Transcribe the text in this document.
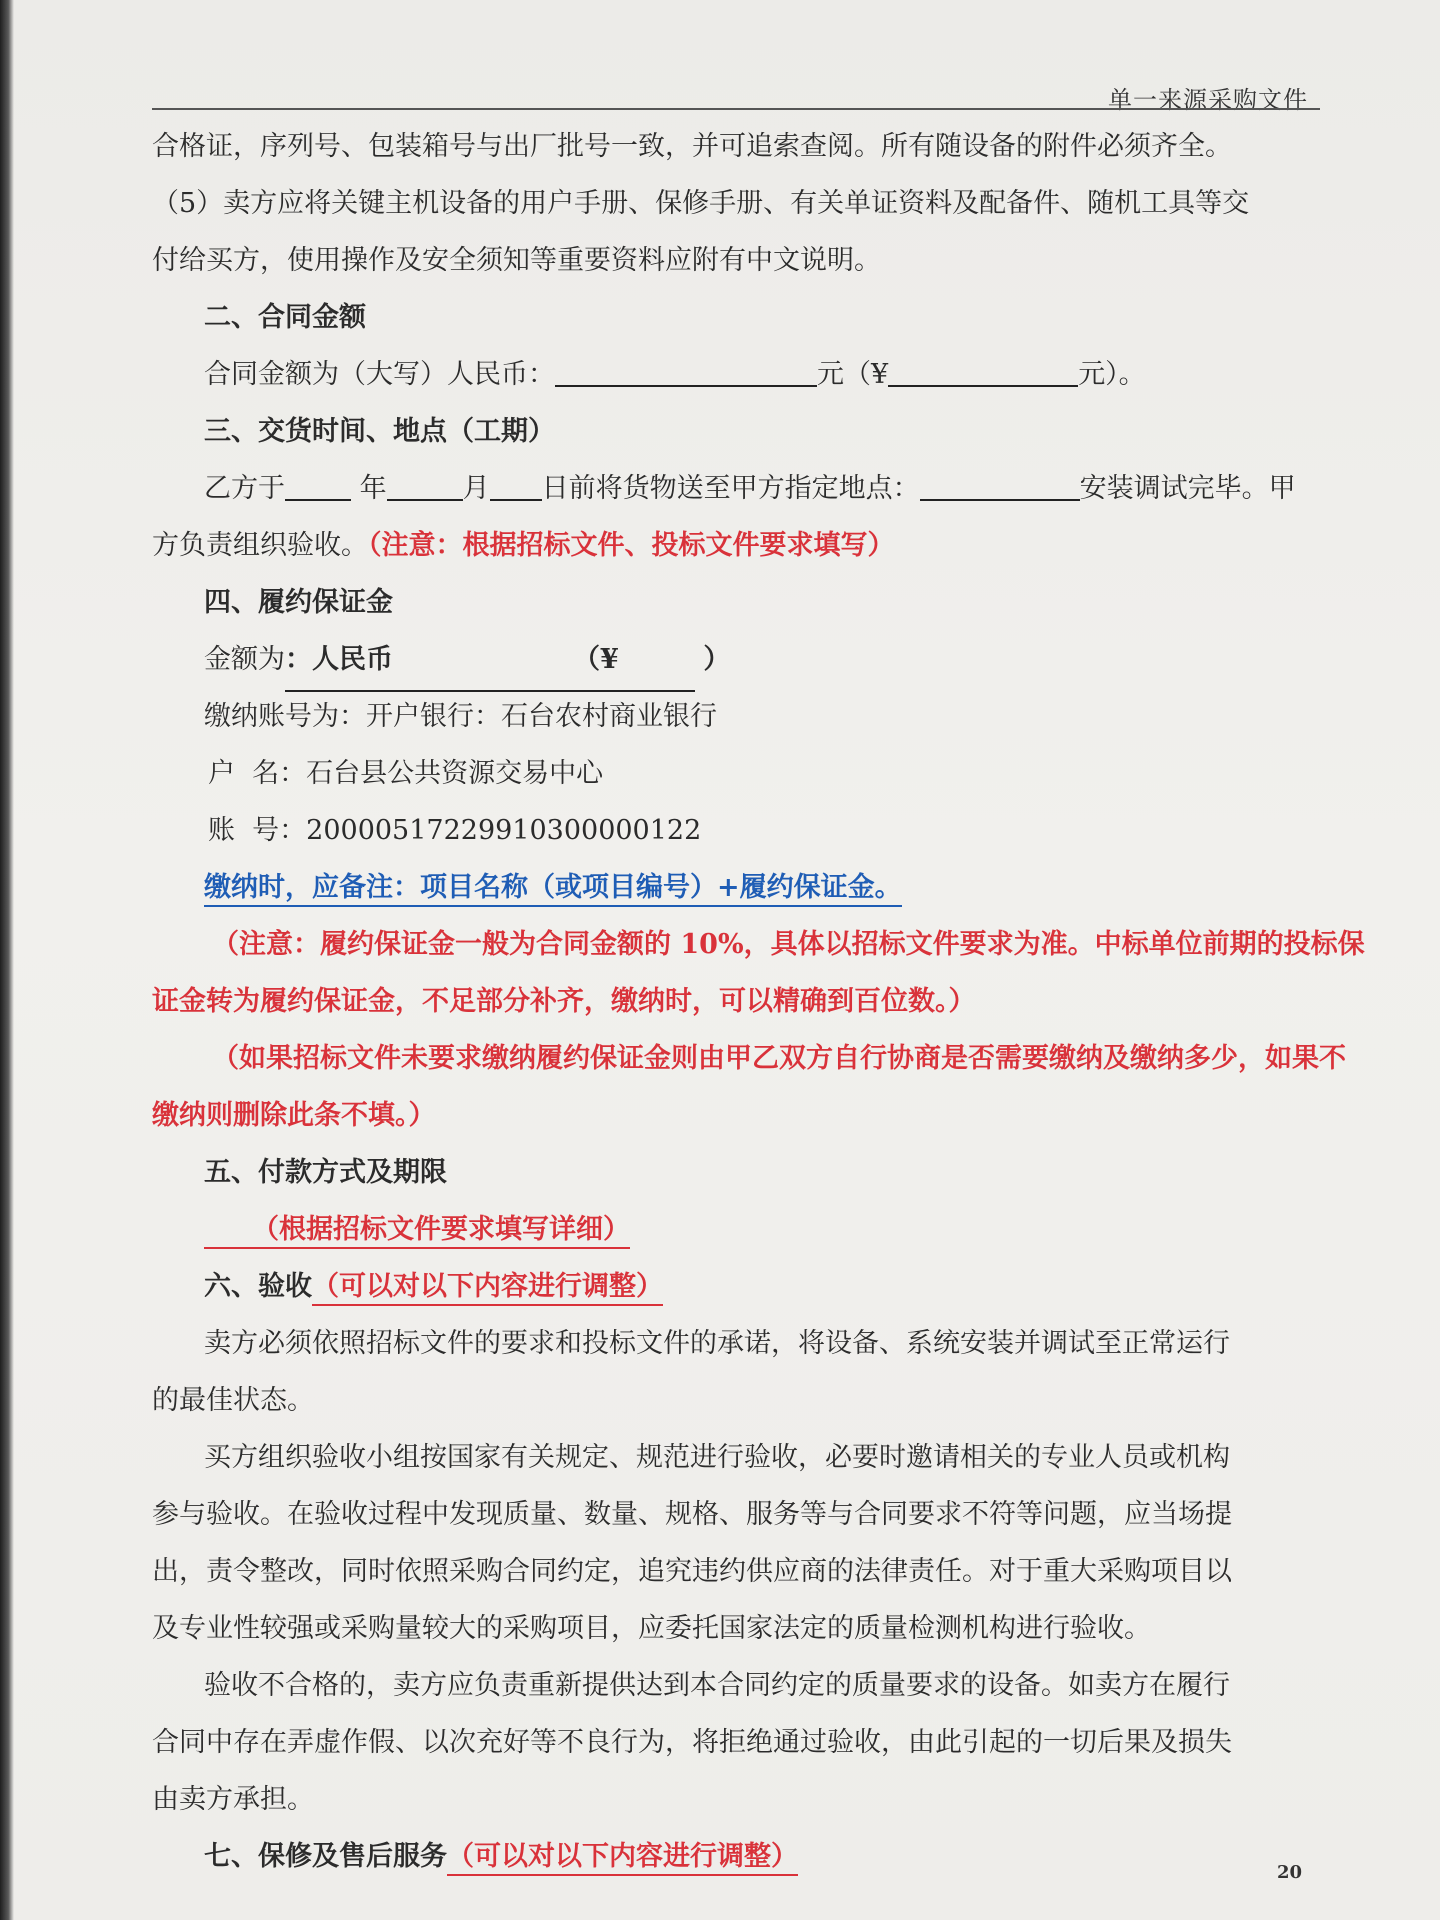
单一来源采购文件
合格证，序列号、包装箱号与出厂批号一致，并可追索查阅。所有随设备的附件必须齐全。
（5）卖方应将关键主机设备的用户手册、保修手册、有关单证资料及配备件、随机工具等交
付给买方，使用操作及安全须知等重要资料应附有中文说明。
二、合同金额
合同金额为（大写）人民币：	元（¥	元）。
三、交货时间、地点（工期）
乙方于	年	月 日前将货物送至甲方指定地点：	安装调试完毕。甲
方负责组织验收。（注意：根据招标文件、投标文件要求填写）
四、履约保证金
金额为：人民币	（¥         ）
缴纳账号为：开户银行：石台农村商业银行
户  名：石台县公共资源交易中心
账  号：20000517229910300000122
缴纳时，应备注：项目名称（或项目编号）+履约保证金。
（注意：履约保证金一般为合同金额的 10%，具体以招标文件要求为准。中标单位前期的投标保
证金转为履约保证金，不足部分补齐，缴纳时，可以精确到百位数。）
（如果招标文件未要求缴纳履约保证金则由甲乙双方自行协商是否需要缴纳及缴纳多少，如果不
缴纳则删除此条不填。）
五、付款方式及期限
（根据招标文件要求填写详细）
六、验收（可以对以下内容进行调整）
卖方必须依照招标文件的要求和投标文件的承诺，将设备、系统安装并调试至正常运行
的最佳状态。
买方组织验收小组按国家有关规定、规范进行验收，必要时邀请相关的专业人员或机构
参与验收。在验收过程中发现质量、数量、规格、服务等与合同要求不符等问题，应当场提
出，责令整改，同时依照采购合同约定，追究违约供应商的法律责任。对于重大采购项目以
及专业性较强或采购量较大的采购项目，应委托国家法定的质量检测机构进行验收。
验收不合格的，卖方应负责重新提供达到本合同约定的质量要求的设备。如卖方在履行
合同中存在弄虚作假、以次充好等不良行为，将拒绝通过验收，由此引起的一切后果及损失
由卖方承担。
七、保修及售后服务（可以对以下内容进行调整）
20
